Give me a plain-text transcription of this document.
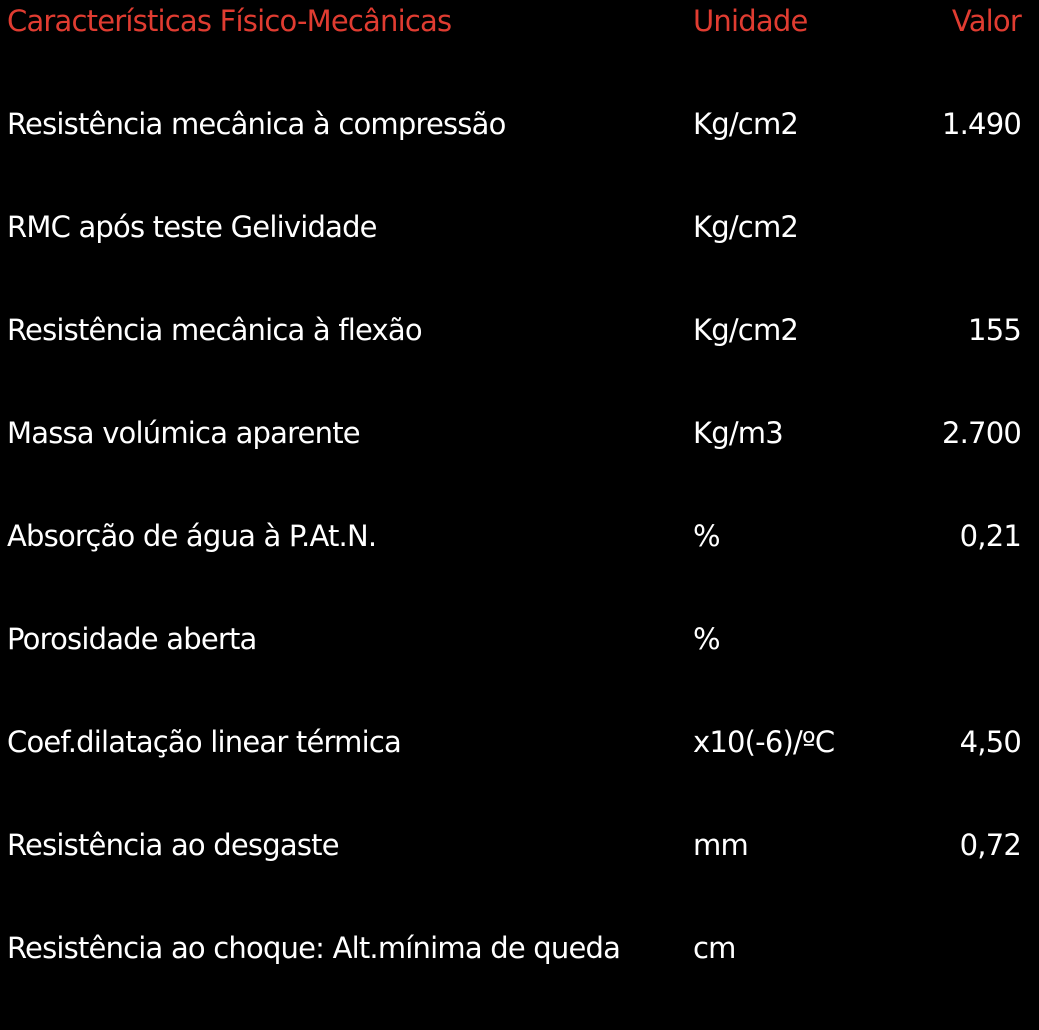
Características Físico-Mecânicas	Unidade	Valor
Resistência mecânica à compressão	Kg/cm2	1.490
RMC após teste Gelividade	Kg/cm2
Resistência mecânica à flexão	Kg/cm2	155
Massa volúmica aparente	Kg/m3	2.700
Absorção de água à P.At.N.	%	0,21
Porosidade aberta	%
Coef.dilatação linear térmica	x10(-6)/ºC	4,50
Resistência ao desgaste	mm	0,72
Resistência ao choque: Alt.mínima de queda	cm
